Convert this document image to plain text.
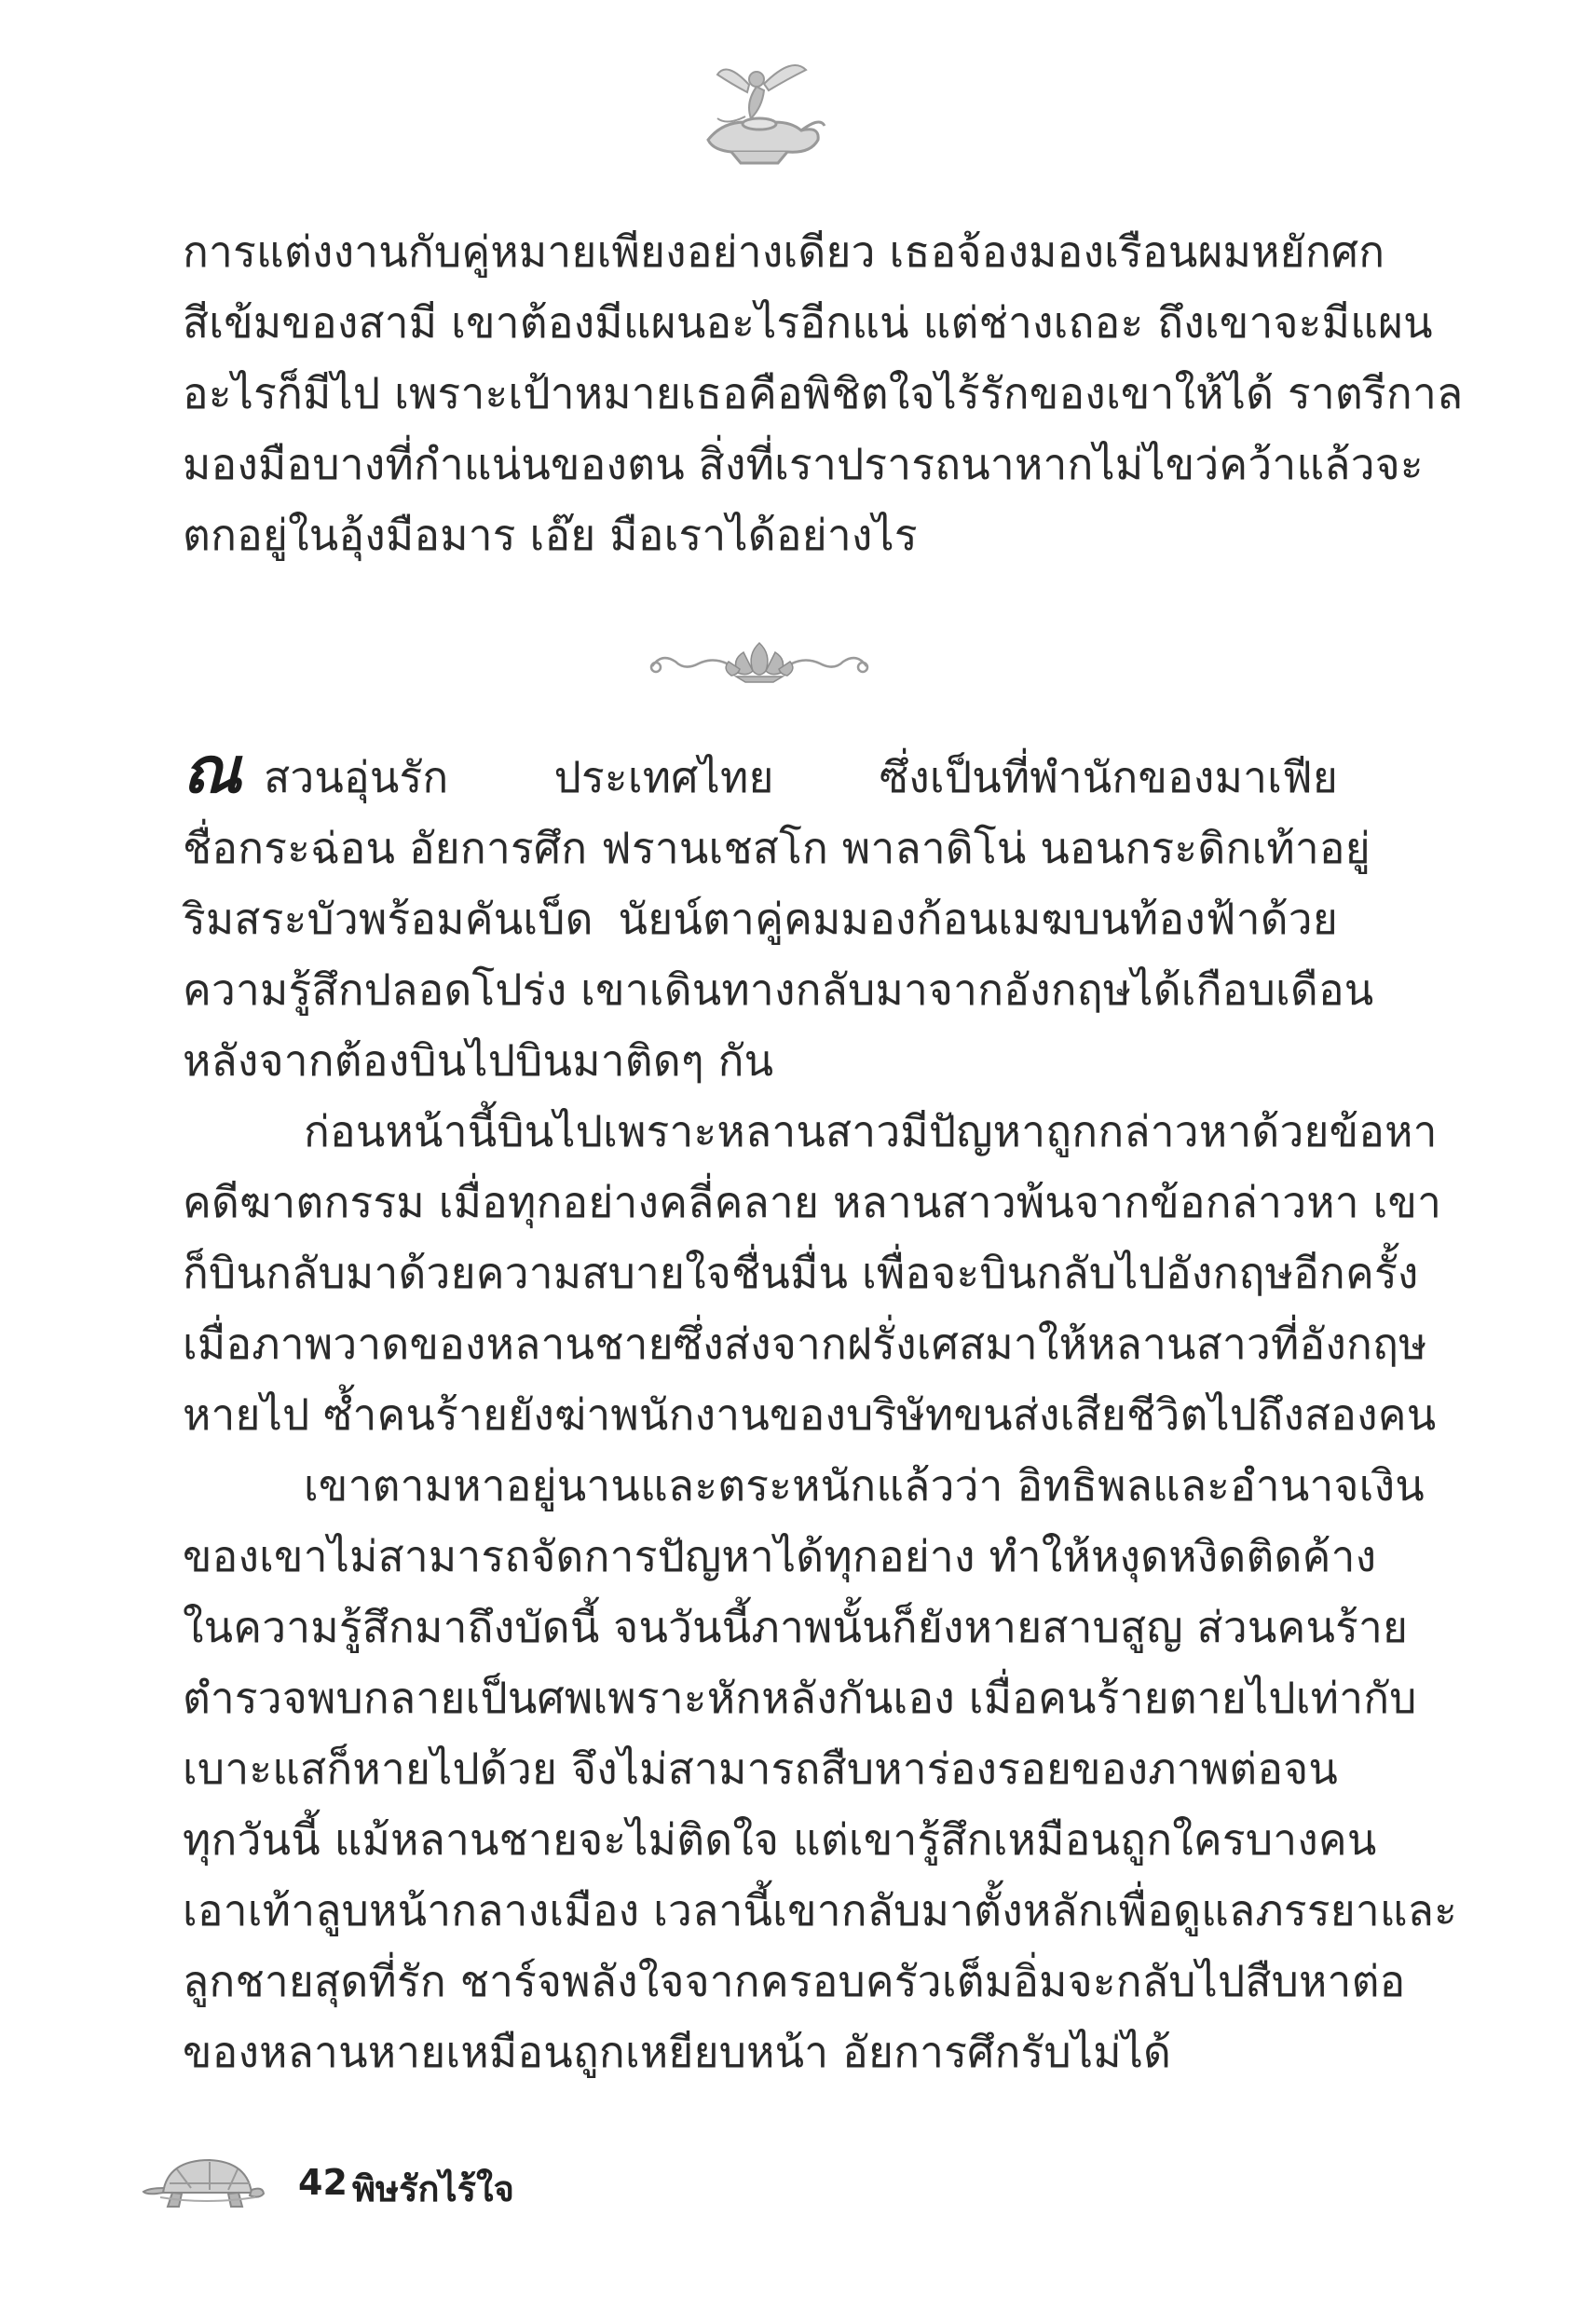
การแต่งงานกับคู่หมายเพียงอย่างเดียว เธอจ้องมองเรือนผมหยักศก
สีเข้มของสามี เขาต้องมีแผนอะไรอีกแน่ แต่ช่างเถอะ ถึงเขาจะมีแผน
อะไรก็มีไป เพราะเป้าหมายเธอคือพิชิตใจไร้รักของเขาให้ได้ ราตรีกาล
มองมือบางที่กำแน่นของตน สิ่งที่เราปรารถนาหากไม่ไขว่คว้าแล้วจะ
ตกอยู่ในอุ้งมือมาร เอ๊ย มือเราได้อย่างไร
ณ สวนอุ่นรัก ประเทศไทย ซึ่งเป็นที่พำนักของมาเฟีย
ชื่อกระฉ่อน อัยการศึก ฟรานเชสโก พาลาดิโน่ นอนกระดิกเท้าอยู่
ริมสระบัวพร้อมคันเบ็ด นัยน์ตาคู่คมมองก้อนเมฆบนท้องฟ้าด้วย
ความรู้สึกปลอดโปร่ง เขาเดินทางกลับมาจากอังกฤษได้เกือบเดือน
หลังจากต้องบินไปบินมาติดๆ กัน
ก่อนหน้านี้บินไปเพราะหลานสาวมีปัญหาถูกกล่าวหาด้วยข้อหา
คดีฆาตกรรม เมื่อทุกอย่างคลี่คลาย หลานสาวพ้นจากข้อกล่าวหา เขา
ก็บินกลับมาด้วยความสบายใจชื่นมื่น เพื่อจะบินกลับไปอังกฤษอีกครั้ง
เมื่อภาพวาดของหลานชายซึ่งส่งจากฝรั่งเศสมาให้หลานสาวที่อังกฤษ
หายไป ซ้ำคนร้ายยังฆ่าพนักงานของบริษัทขนส่งเสียชีวิตไปถึงสองคน
เขาตามหาอยู่นานและตระหนักแล้วว่า อิทธิพลและอำนาจเงิน
ของเขาไม่สามารถจัดการปัญหาได้ทุกอย่าง ทำให้หงุดหงิดติดค้าง
ในความรู้สึกมาถึงบัดนี้ จนวันนี้ภาพนั้นก็ยังหายสาบสูญ ส่วนคนร้าย
ตำรวจพบกลายเป็นศพเพราะหักหลังกันเอง เมื่อคนร้ายตายไปเท่ากับ
เบาะแสก็หายไปด้วย จึงไม่สามารถสืบหาร่องรอยของภาพต่อจน
ทุกวันนี้ แม้หลานชายจะไม่ติดใจ แต่เขารู้สึกเหมือนถูกใครบางคน
เอาเท้าลูบหน้ากลางเมือง เวลานี้เขากลับมาตั้งหลักเพื่อดูแลภรรยาและ
ลูกชายสุดที่รัก ชาร์จพลังใจจากครอบครัวเต็มอิ่มจะกลับไปสืบหาต่อ
ของหลานหายเหมือนถูกเหยียบหน้า อัยการศึกรับไม่ได้
42 พิษรักไร้ใจ
